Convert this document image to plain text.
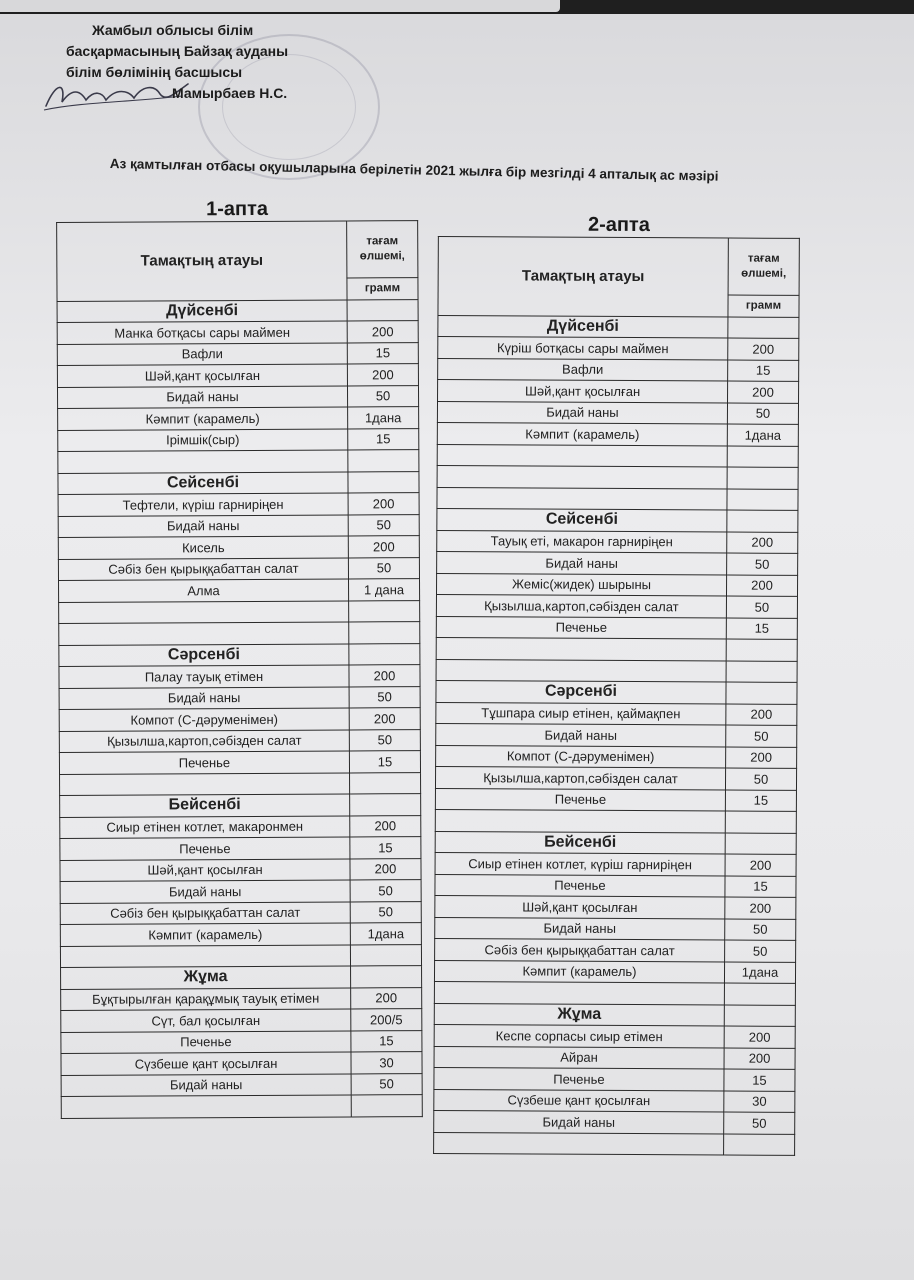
Жамбыл облысы білім
басқармасының Байзақ ауданы
білім бөлімінің басшысы
Мамырбаев Н.С.
Аз қамтылған отбасы оқушыларына берілетін 2021 жылға бір мезгілді 4 апталық ас мәзірі
1-апта
Тамақтың атауы	тағам өлшемі,
	грамм
Дүйсенбі	
Манка ботқасы сары маймен	200
Вафли	15
Шәй,қант қосылған	200
Бидай наны	50
Кәмпит (карамель)	1дана
Ірімшік(сыр)	15

Сейсенбі	
Тефтели, күріш гарниріңен	200
Бидай наны	50
Кисель	200
Сәбіз бен қырыққабаттан салат	50
Алма	1 дана

Сәрсенбі	
Палау тауық етімен	200
Бидай наны	50
Компот (С-дәруменімен)	200
Қызылша,картоп,сәбізден салат	50
Печенье	15

Бейсенбі	
Сиыр етінен котлет, макаронмен	200
Печенье	15
Шәй,қант қосылған	200
Бидай наны	50
Сәбіз бен қырыққабаттан салат	50
Кәмпит (карамель)	1дана

Жұма	
Бұқтырылған қарақұмық тауық етімен	200
Сүт, бал қосылған	200/5
Печенье	15
Сүзбеше қант қосылған	30
Бидай наны	50

2-апта
Тамақтың атауы	тағам өлшемі,
	грамм
Дүйсенбі	
Күріш ботқасы сары маймен	200
Вафли	15
Шәй,қант қосылған	200
Бидай наны	50
Кәмпит (карамель)	1дана

Сейсенбі	
Тауық еті, макарон гарниріңен	200
Бидай наны	50
Жеміс(жидек) шырыны	200
Қызылша,картоп,сәбізден салат	50
Печенье	15

Сәрсенбі	
Тұшпара сиыр етінен, қаймақпен	200
Бидай наны	50
Компот (С-дәруменімен)	200
Қызылша,картоп,сәбізден салат	50
Печенье	15

Бейсенбі	
Сиыр етінен котлет, күріш гарниріңен	200
Печенье	15
Шәй,қант қосылған	200
Бидай наны	50
Сәбіз бен қырыққабаттан салат	50
Кәмпит (карамель)	1дана

Жұма	
Кеспе сорпасы сиыр етімен	200
Айран	200
Печенье	15
Сүзбеше қант қосылған	30
Бидай наны	50
